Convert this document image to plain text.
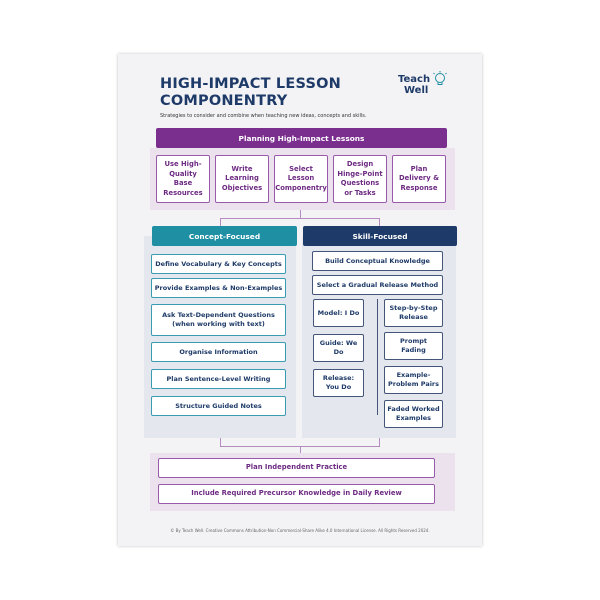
HIGH-IMPACT LESSON
COMPONENTRY
Strategies to consider and combine when teaching new ideas, concepts and skills.
Teach
Well
Planning High-Impact Lessons
Use High-Quality Base Resources
Write Learning Objectives
Select Lesson Componentry
Design Hinge-Point Questions or Tasks
Plan Delivery & Response
Concept-Focused
Define Vocabulary & Key Concepts
Provide Examples & Non-Examples
Ask Text-Dependent Questions (when working with text)
Organise Information
Plan Sentence-Level Writing
Structure Guided Notes
Skill-Focused
Build Conceptual Knowledge
Select a Gradual Release Method
Model: I Do
Guide: We Do
Release: You Do
Step-by-Step Release
Prompt Fading
Example-Problem Pairs
Faded Worked Examples
Plan Independent Practice
Include Required Precursor Knowledge in Daily Review
© By Teach Well. Creative Commons Attribution-Non Commercial-Share Alike 4.0 International License. All Rights Reserved 2024.
